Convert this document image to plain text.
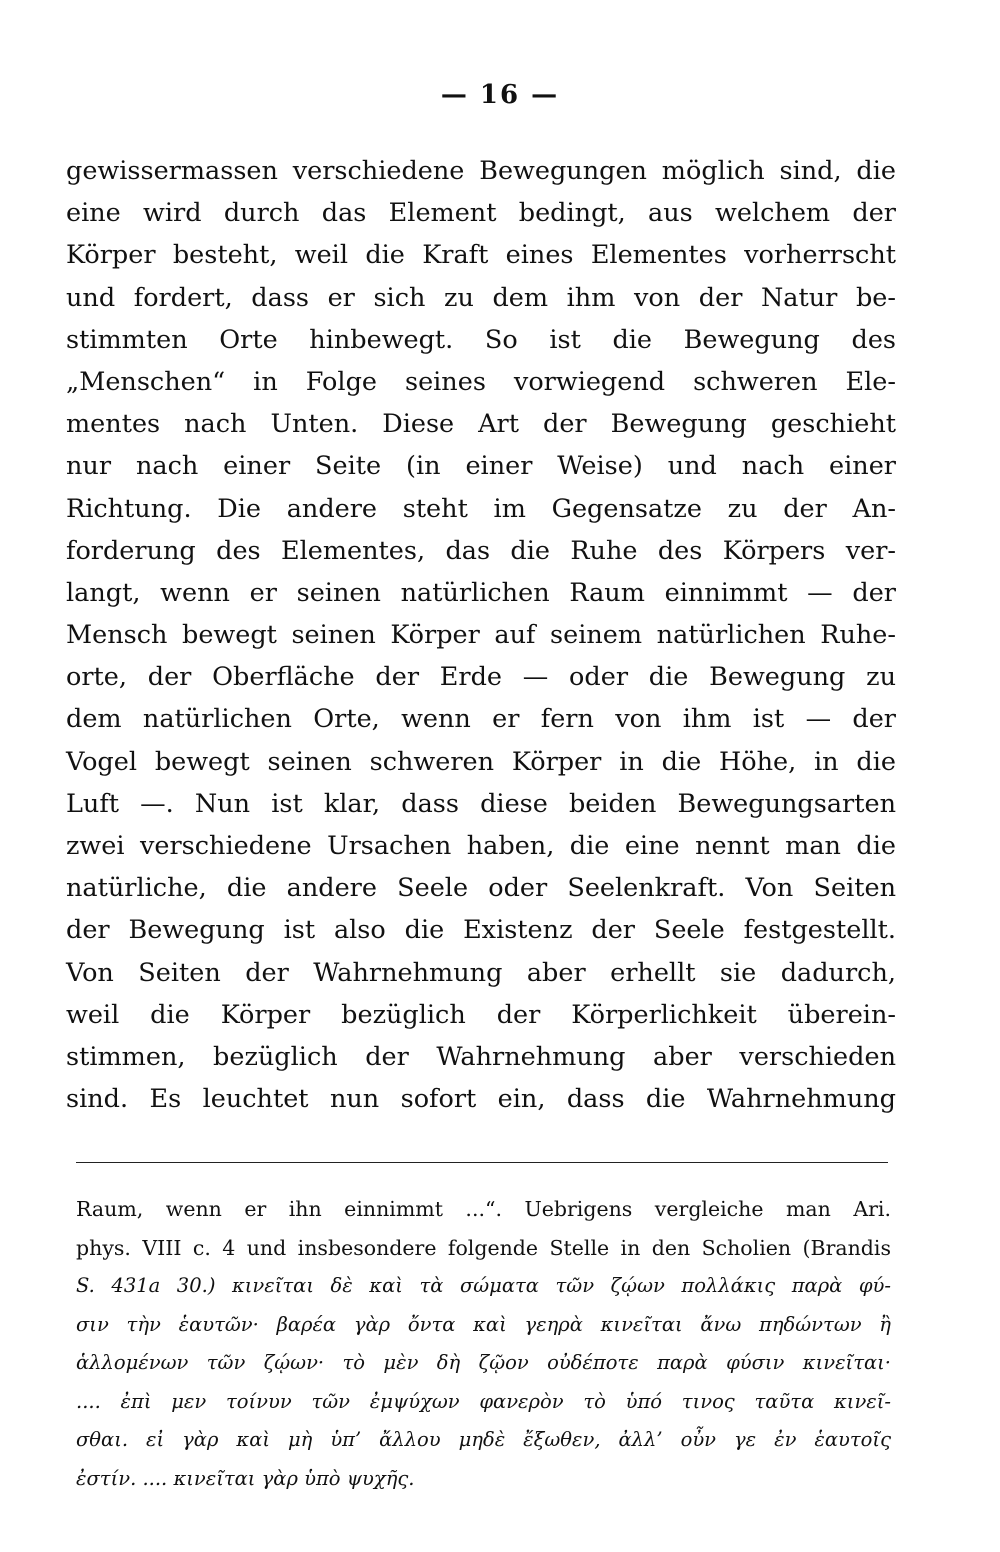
— 16 —
gewissermassen verschiedene Bewegungen möglich sind, die
eine wird durch das Element bedingt, aus welchem der
Körper besteht, weil die Kraft eines Elementes vorherrscht
und fordert, dass er sich zu dem ihm von der Natur be-
stimmten Orte hinbewegt. So ist die Bewegung des
„Menschen“ in Folge seines vorwiegend schweren Ele-
mentes nach Unten. Diese Art der Bewegung geschieht
nur nach einer Seite (in einer Weise) und nach einer
Richtung. Die andere steht im Gegensatze zu der An-
forderung des Elementes, das die Ruhe des Körpers ver-
langt, wenn er seinen natürlichen Raum einnimmt — der
Mensch bewegt seinen Körper auf seinem natürlichen Ruhe-
orte, der Oberfläche der Erde — oder die Bewegung zu
dem natürlichen Orte, wenn er fern von ihm ist — der
Vogel bewegt seinen schweren Körper in die Höhe, in die
Luft —. Nun ist klar, dass diese beiden Bewegungsarten
zwei verschiedene Ursachen haben, die eine nennt man die
natürliche, die andere Seele oder Seelenkraft. Von Seiten
der Bewegung ist also die Existenz der Seele festgestellt.
Von Seiten der Wahrnehmung aber erhellt sie dadurch,
weil die Körper bezüglich der Körperlichkeit überein-
stimmen, bezüglich der Wahrnehmung aber verschieden
sind. Es leuchtet nun sofort ein, dass die Wahrnehmung
Raum, wenn er ihn einnimmt ...“. Uebrigens vergleiche man Ari.
phys. VIII c. 4 und insbesondere folgende Stelle in den Scholien (Brandis
S. 431a 30.) κινεῖται δὲ καὶ τὰ σώματα τῶν ζῴων πολλάκις παρὰ φύ-
σιν τὴν ἑαυτῶν· βαρέα γὰρ ὄντα καὶ γεηρὰ κινεῖται ἄνω πηδώντων ἢ
ἁλλομένων τῶν ζῴων· τὸ μὲν δὴ ζῷον οὐδέποτε παρὰ φύσιν κινεῖται·
.... ἐπὶ μεν τοίνυν τῶν ἐμψύχων φανερὸν τὸ ὑπό τινος ταῦτα κινεῖ-
σθαι. εἰ γὰρ καὶ μὴ ὑπ’ ἄλλου μηδὲ ἔξωθεν, ἀλλ’ οὖν γε ἐν ἑαυτοῖς
ἐστίν. .... κινεῖται γὰρ ὑπὸ ψυχῆς.
